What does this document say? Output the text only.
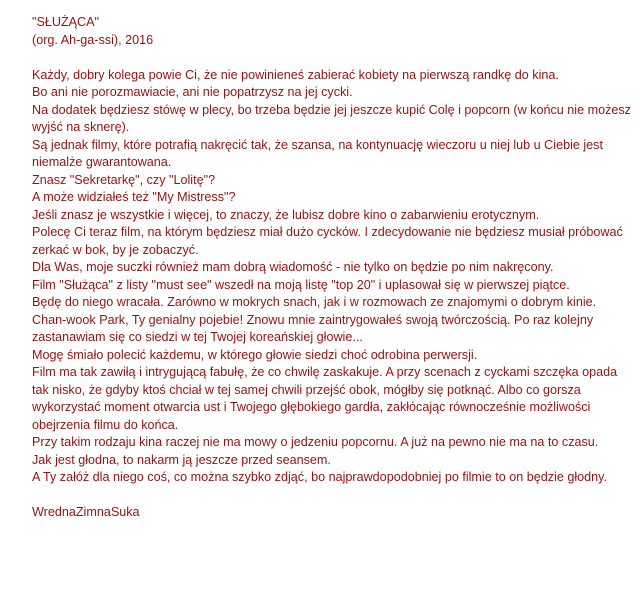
"SŁUŻĄCA"
(org. Ah-ga-ssi), 2016

Każdy, dobry kolega powie Ci, że nie powinieneś zabierać kobiety na pierwszą randkę do kina.

Bo ani nie porozmawiacie, ani nie popatrzysz na jej cycki.

Na dodatek będziesz stówę w plecy, bo trzeba będzie jej jeszcze kupić Colę i popcorn (w końcu nie możesz wyjść na sknerę).

Są jednak filmy, które potrafią nakręcić tak, że szansa, na kontynuację wieczoru u niej lub u Ciebie jest niemalże gwarantowana.

Znasz "Sekretarkę", czy "Lolitę"?

A może widziałeś też "My Mistress"?

Jeśli znasz je wszystkie i więcej, to znaczy, że lubisz dobre kino o zabarwieniu erotycznym.

Polecę Ci teraz film, na którym będziesz miał dużo cycków. I zdecydowanie nie będziesz musiał próbować zerkać w bok, by je zobaczyć.

Dla Was, moje suczki również mam dobrą wiadomość - nie tylko on będzie po nim nakręcony.

Film "Służąca" z listy "must see" wszedł na moją listę "top 20" i uplasował się w pierwszej piątce.

Będę do niego wracała. Zarówno w mokrych snach, jak i w rozmowach ze znajomymi o dobrym kinie.

Chan-wook Park, Ty genialny pojebie! Znowu mnie zaintrygowałeś swoją twórczością. Po raz kolejny zastanawiam się co siedzi w tej Twojej koreańskiej głowie...

Mogę śmiało polecić każdemu, w którego głowie siedzi choć odrobina perwersji.

Film ma tak zawiłą i intrygującą fabułę, że co chwilę zaskakuje. A przy scenach z cyckami szczęka opada tak nisko, że gdyby ktoś chciał w tej samej chwili przejść obok, mógłby się potknąć. Albo co gorsza wykorzystać moment otwarcia ust i Twojego głębokiego gardła, zakłócając równocześnie możliwości obejrzenia filmu do końca.

Przy takim rodzaju kina raczej nie ma mowy o jedzeniu popcornu. A już na pewno nie ma na to czasu.

Jak jest głodna, to nakarm ją jeszcze przed seansem.

A Ty załóż dla niego coś, co można szybko zdjąć, bo najprawdopodobniej po filmie to on będzie głodny.

WrednaZimnaSuka
